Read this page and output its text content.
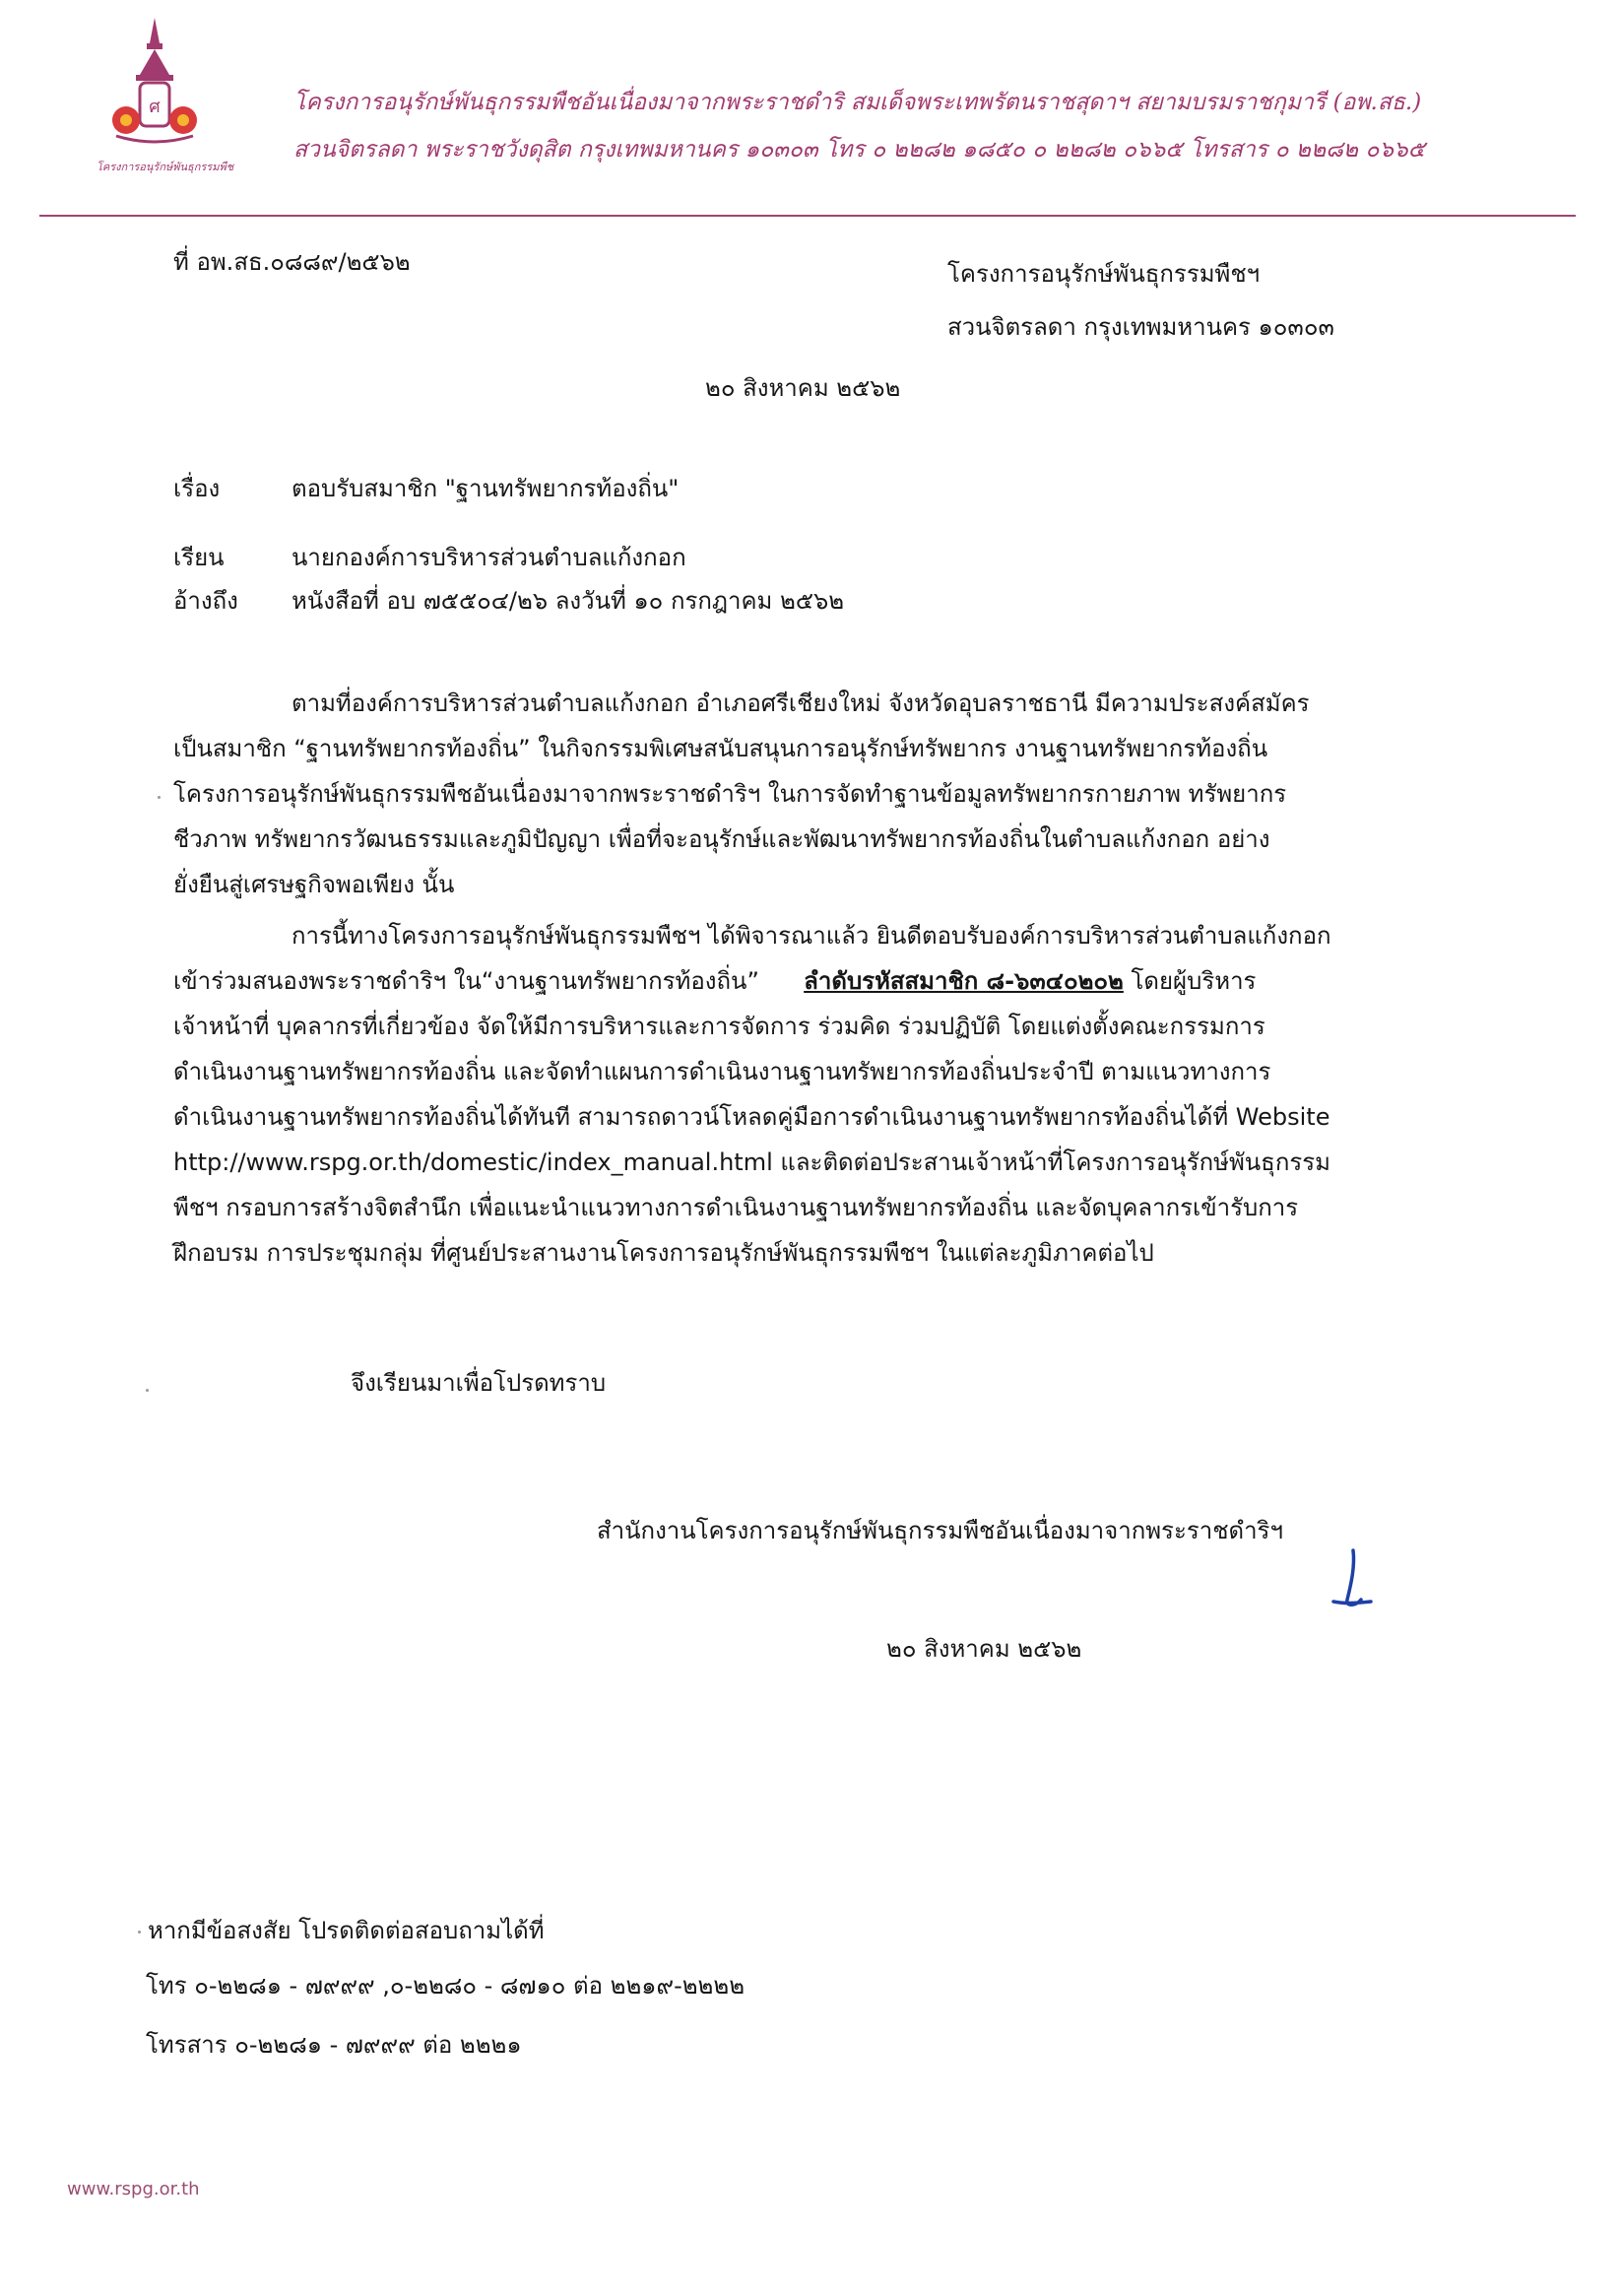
ศ
โครงการอนุรักษ์พันธุกรรมพืช
โครงการอนุรักษ์พันธุกรรมพืชอันเนื่องมาจากพระราชดำริ สมเด็จพระเทพรัตนราชสุดาฯ สยามบรมราชกุมารี (อพ.สธ.)
สวนจิตรลดา พระราชวังดุสิต กรุงเทพมหานคร ๑๐๓๐๓ โทร ๐ ๒๒๘๒ ๑๘๕๐ ๐ ๒๒๘๒ ๐๖๖๕ โทรสาร ๐ ๒๒๘๒ ๐๖๖๕
ที่ อพ.สธ.๐๘๘๙/๒๕๖๒	โครงการอนุรักษ์พันธุกรรมพืชฯ
สวนจิตรลดา กรุงเทพมหานคร ๑๐๓๐๓
๒๐ สิงหาคม ๒๕๖๒
เรื่อง	ตอบรับสมาชิก "ฐานทรัพยากรท้องถิ่น"
เรียน	นายกองค์การบริหารส่วนตำบลแก้งกอก
อ้างถึง หนังสือที่ อบ ๗๕๕๐๔/๒๖ ลงวันที่ ๑๐ กรกฎาคม ๒๕๖๒
ตามที่องค์การบริหารส่วนตำบลแก้งกอก อำเภอศรีเชียงใหม่ จังหวัดอุบลราชธานี มีความประสงค์สมัคร
เป็นสมาชิก “ฐานทรัพยากรท้องถิ่น” ในกิจกรรมพิเศษสนับสนุนการอนุรักษ์ทรัพยากร งานฐานทรัพยากรท้องถิ่น
โครงการอนุรักษ์พันธุกรรมพืชอันเนื่องมาจากพระราชดำริฯ ในการจัดทำฐานข้อมูลทรัพยากรกายภาพ ทรัพยากร
ชีวภาพ ทรัพยากรวัฒนธรรมและภูมิปัญญา เพื่อที่จะอนุรักษ์และพัฒนาทรัพยากรท้องถิ่นในตำบลแก้งกอก อย่าง
ยั่งยืนสู่เศรษฐกิจพอเพียง นั้น
การนี้ทางโครงการอนุรักษ์พันธุกรรมพืชฯ ได้พิจารณาแล้ว ยินดีตอบรับองค์การบริหารส่วนตำบลแก้งกอก
เข้าร่วมสนองพระราชดำริฯ ใน“งานฐานทรัพยากรท้องถิ่น” ลำดับรหัสสมาชิก ๘-๖๓๔๐๒๐๒ โดยผู้บริหาร
เจ้าหน้าที่ บุคลากรที่เกี่ยวข้อง จัดให้มีการบริหารและการจัดการ ร่วมคิด ร่วมปฏิบัติ โดยแต่งตั้งคณะกรรมการ
ดำเนินงานฐานทรัพยากรท้องถิ่น และจัดทำแผนการดำเนินงานฐานทรัพยากรท้องถิ่นประจำปี ตามแนวทางการ
ดำเนินงานฐานทรัพยากรท้องถิ่นได้ทันที สามารถดาวน์โหลดคู่มือการดำเนินงานฐานทรัพยากรท้องถิ่นได้ที่ Website
http://www.rspg.or.th/domestic/index_manual.html และติดต่อประสานเจ้าหน้าที่โครงการอนุรักษ์พันธุกรรม
พืชฯ กรอบการสร้างจิตสำนึก เพื่อแนะนำแนวทางการดำเนินงานฐานทรัพยากรท้องถิ่น และจัดบุคลากรเข้ารับการ
ฝึกอบรม การประชุมกลุ่ม ที่ศูนย์ประสานงานโครงการอนุรักษ์พันธุกรรมพืชฯ ในแต่ละภูมิภาคต่อไป
จึงเรียนมาเพื่อโปรดทราบ
สำนักงานโครงการอนุรักษ์พันธุกรรมพืชอันเนื่องมาจากพระราชดำริฯ
๒๐ สิงหาคม ๒๕๖๒
หากมีข้อสงสัย โปรดติดต่อสอบถามได้ที่
โทร ๐-๒๒๘๑ - ๗๙๙๙ ,๐-๒๒๘๐ - ๘๗๑๐ ต่อ ๒๒๑๙-๒๒๒๒
โทรสาร ๐-๒๒๘๑ - ๗๙๙๙ ต่อ ๒๒๒๑
www.rspg.or.th
